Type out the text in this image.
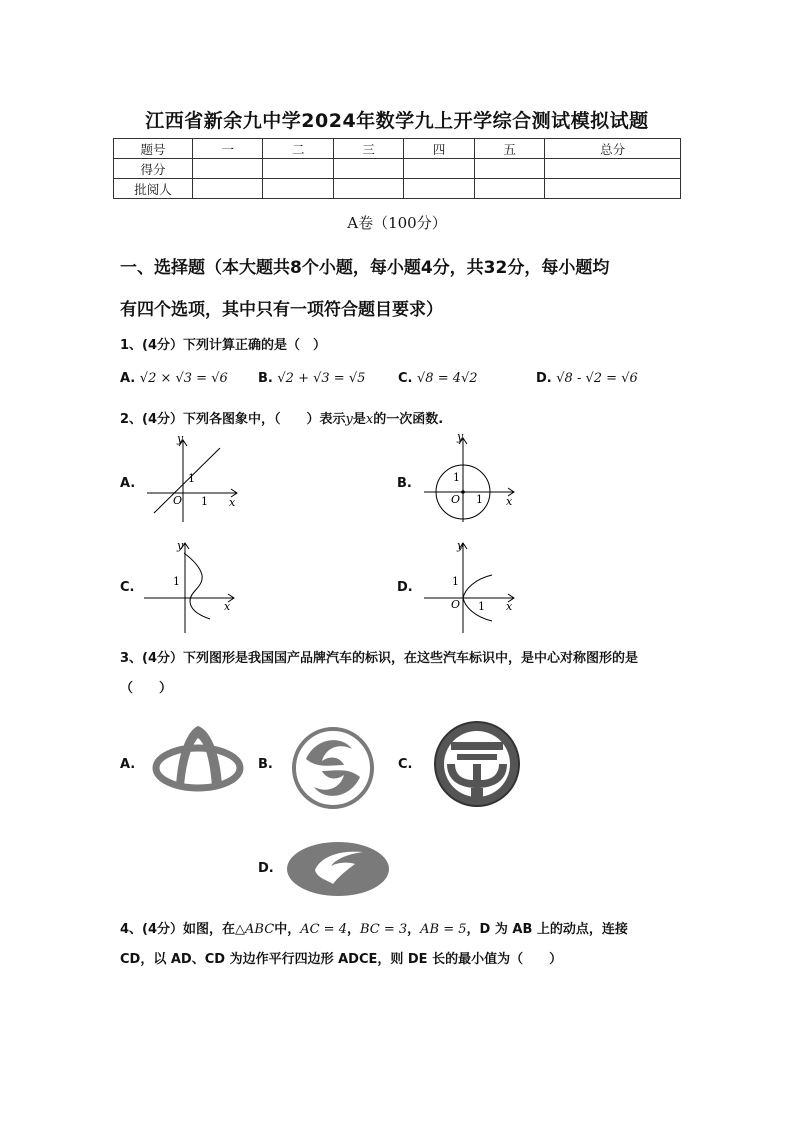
江西省新余九中学2024年数学九上开学综合测试模拟试题
题号	一	二	三	四	五	总分
得分						
批阅人						
A卷（100分）
一、选择题（本大题共8个小题，每小题4分，共32分，每小题均
有四个选项，其中只有一项符合题目要求）
1、(4分）下列计算正确的是（　）
A. √2 × √3 = √6 B. √2 + √3 = √5	C. √8 = 4√2	D. √8 - √2 = √6
2、(4分）下列各图象中，（　　）表示y是x的一次函数.
A.	B.
C.	D.
y
x
O 1
1
y
x
O 1
1
y
x
1
y
x
O 1
1
3、(4分）下列图形是我国国产品牌汽车的标识，在这些汽车标识中，是中心对称图形的是
（　　）
A.	B.	C.
D.
4、(4分）如图，在△ABC中，AC = 4，BC = 3，AB = 5，D 为 AB 上的动点，连接
CD，以 AD、CD 为边作平行四边形 ADCE，则 DE 长的最小值为（　　）
